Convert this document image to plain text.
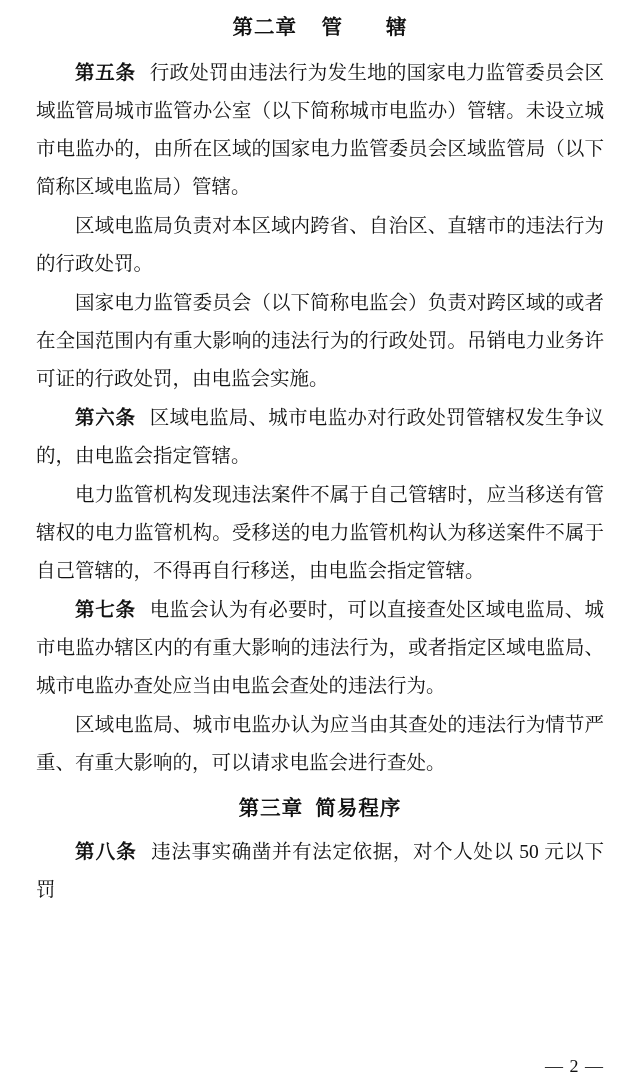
第二章 管　　辖

第五条 行政处罚由违法行为发生地的国家电力监管委员会区域监管局城市监管办公室（以下简称城市电监办）管辖。未设立城市电监办的，由所在区域的国家电力监管委员会区域监管局（以下简称区域电监局）管辖。

区域电监局负责对本区域内跨省、自治区、直辖市的违法行为的行政处罚。

国家电力监管委员会（以下简称电监会）负责对跨区域的或者在全国范围内有重大影响的违法行为的行政处罚。吊销电力业务许可证的行政处罚，由电监会实施。

第六条 区域电监局、城市电监办对行政处罚管辖权发生争议的，由电监会指定管辖。

电力监管机构发现违法案件不属于自己管辖时，应当移送有管辖权的电力监管机构。受移送的电力监管机构认为移送案件不属于自己管辖的，不得再自行移送，由电监会指定管辖。

第七条 电监会认为有必要时，可以直接查处区域电监局、城市电监办辖区内的有重大影响的违法行为，或者指定区域电监局、城市电监办查处应当由电监会查处的违法行为。

区域电监局、城市电监办认为应当由其查处的违法行为情节严重、有重大影响的，可以请求电监会进行查处。

第三章 简易程序

第八条 违法事实确凿并有法定依据，对个人处以 50 元以下罚

— 2 —
